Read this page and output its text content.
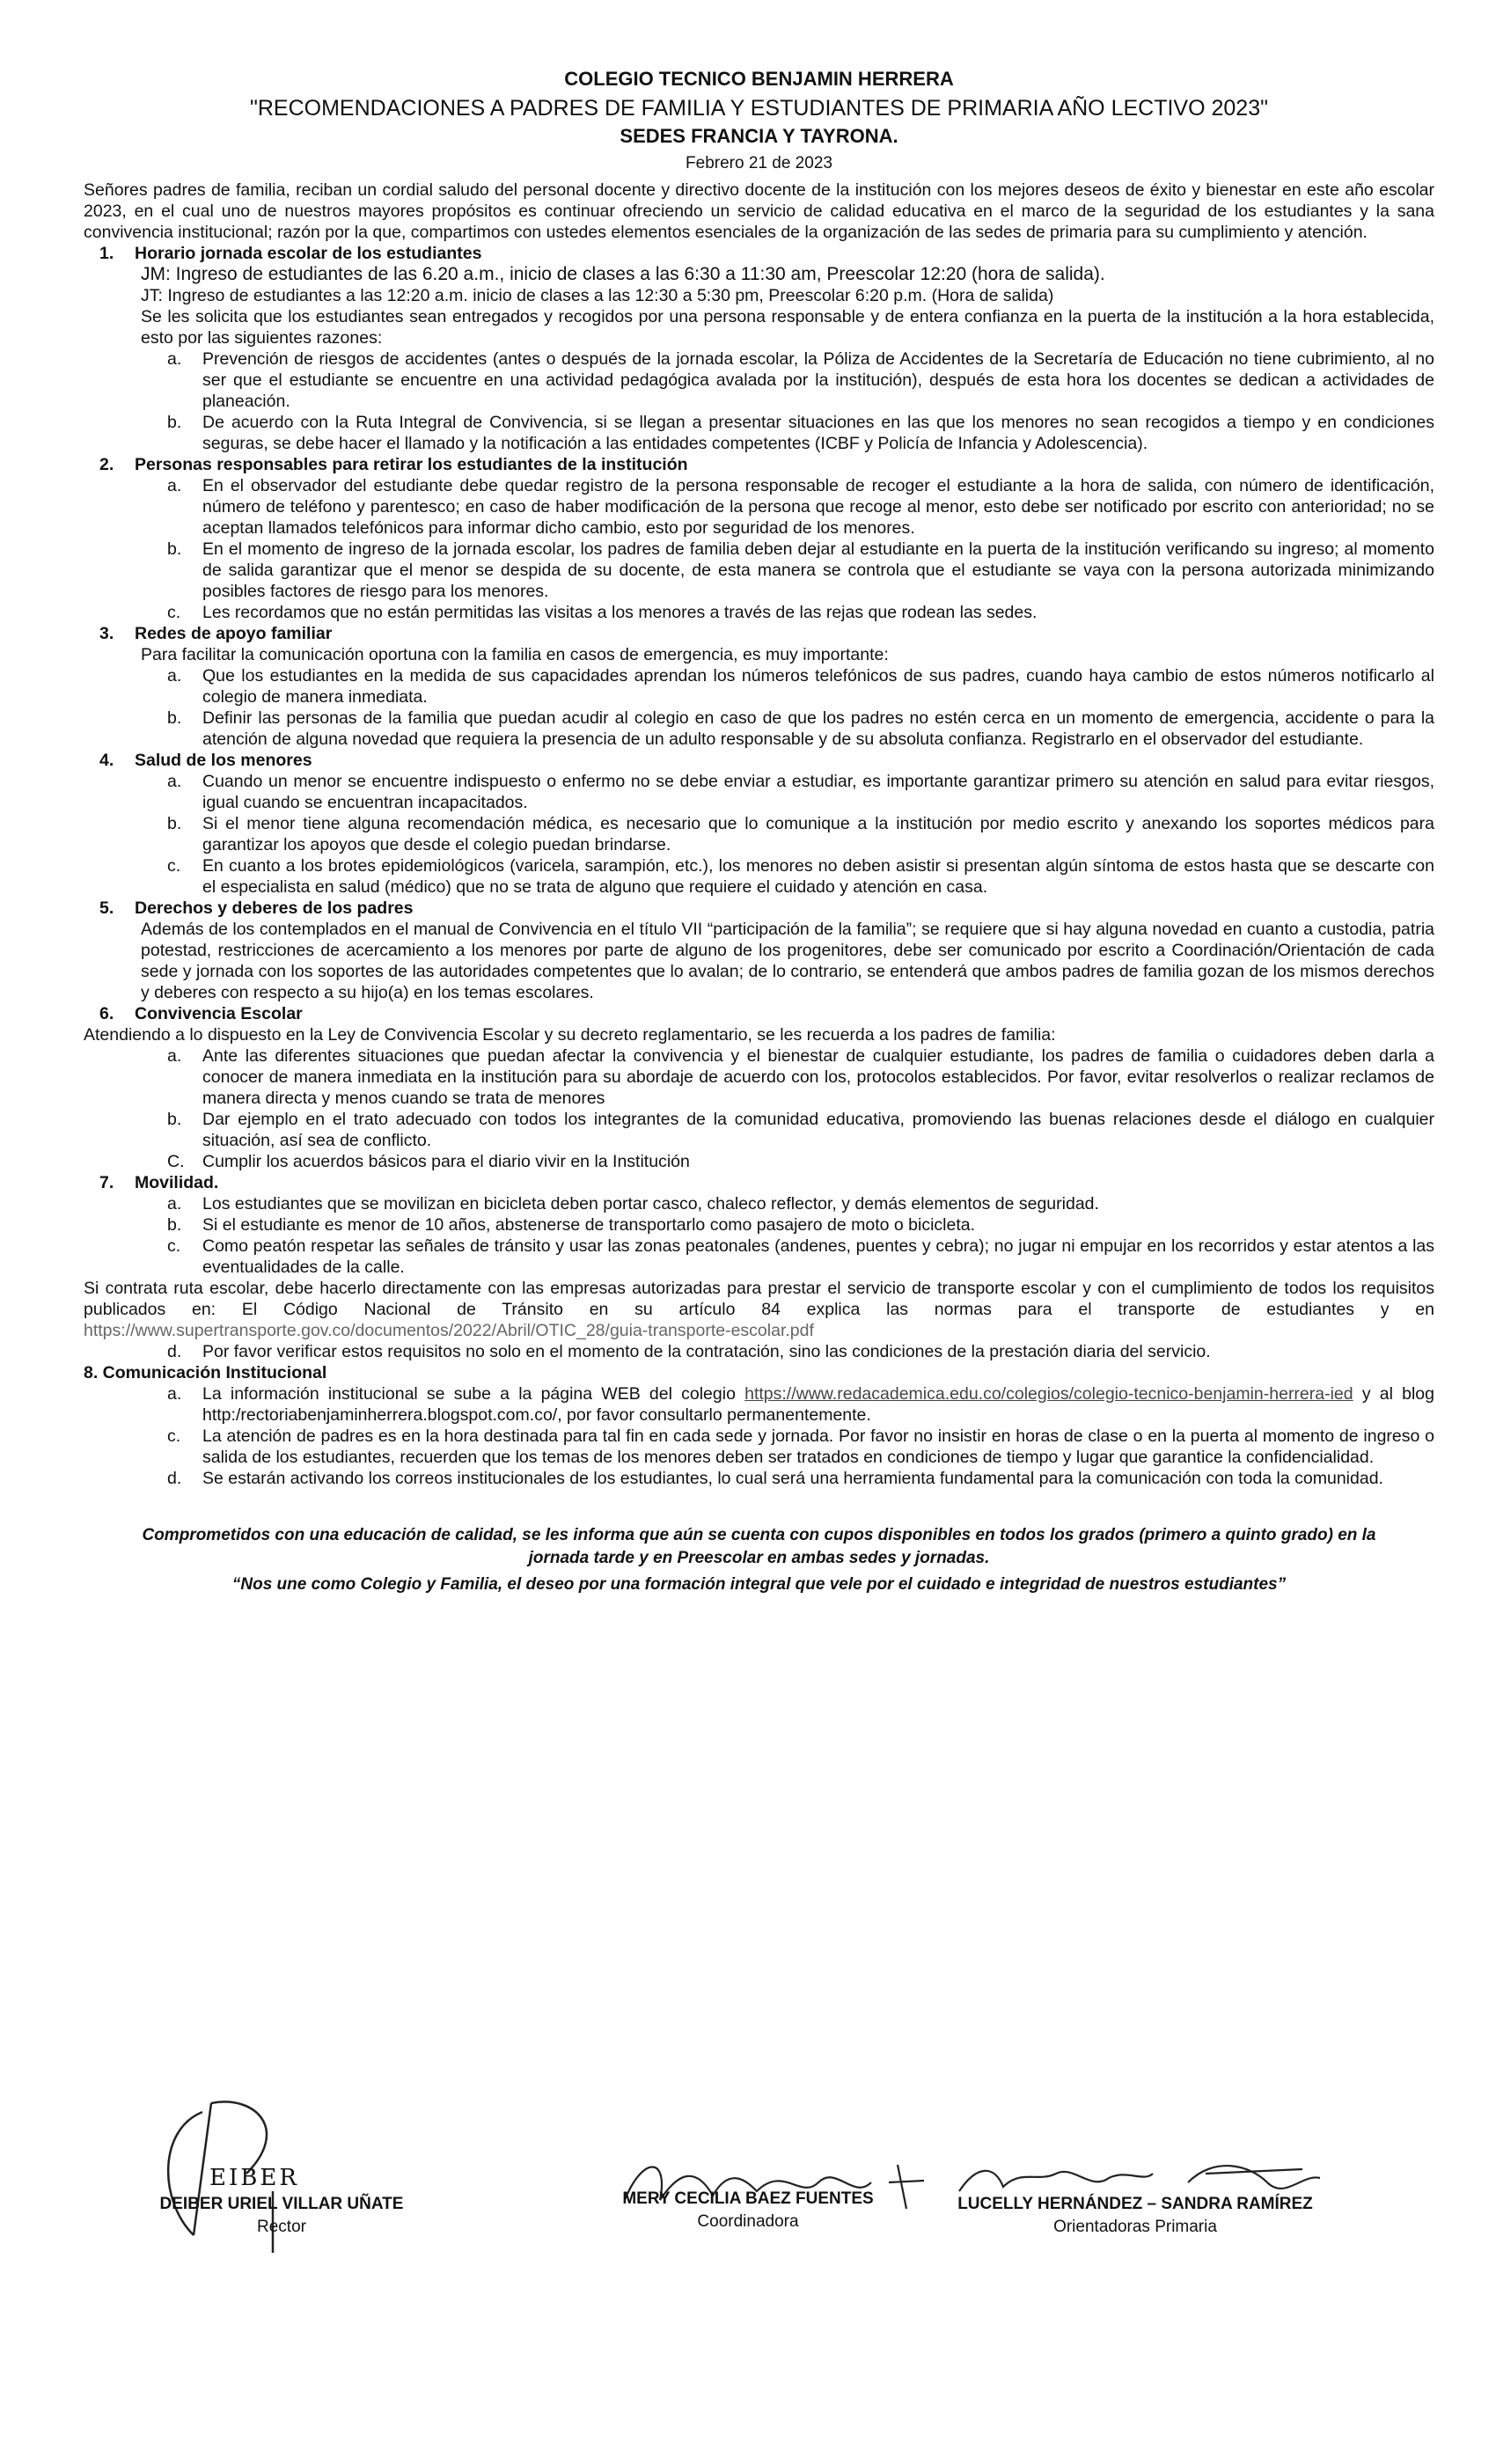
COLEGIO TECNICO BENJAMIN HERRERA
"RECOMENDACIONES A PADRES DE FAMILIA Y ESTUDIANTES DE PRIMARIA AÑO LECTIVO 2023"
SEDES FRANCIA Y TAYRONA.
Febrero 21 de 2023
Señores padres de familia, reciban un cordial saludo del personal docente y directivo docente de la institución con los mejores deseos de éxito y bienestar en este año escolar 2023, en el cual uno de nuestros mayores propósitos es continuar ofreciendo un servicio de calidad educativa en el marco de la seguridad de los estudiantes y la sana convivencia institucional; razón por la que, compartimos con ustedes elementos esenciales de la organización de las sedes de primaria para su cumplimiento y atención.
1.	Horario jornada escolar de los estudiantes
JM: Ingreso de estudiantes de las 6.20 a.m., inicio de clases a las 6:30 a 11:30 am, Preescolar 12:20 (hora de salida).
JT: Ingreso de estudiantes a las 12:20 a.m. inicio de clases a las 12:30 a 5:30 pm, Preescolar 6:20 p.m. (Hora de salida)
Se les solicita que los estudiantes sean entregados y recogidos por una persona responsable y de entera confianza en la puerta de la institución a la hora establecida, esto por las siguientes razones:
a.	Prevención de riesgos de accidentes (antes o después de la jornada escolar, la Póliza de Accidentes de la Secretaría de Educación no tiene cubrimiento, al no ser que el estudiante se encuentre en una actividad pedagógica avalada por la institución), después de esta hora los docentes se dedican a actividades de planeación.
b.	De acuerdo con la Ruta Integral de Convivencia, si se llegan a presentar situaciones en las que los menores no sean recogidos a tiempo y en condiciones seguras, se debe hacer el llamado y la notificación a las entidades competentes (ICBF y Policía de Infancia y Adolescencia).
2.	Personas responsables para retirar los estudiantes de la institución
a.	En el observador del estudiante debe quedar registro de la persona responsable de recoger el estudiante a la hora de salida, con número de identificación, número de teléfono y parentesco; en caso de haber modificación de la persona que recoge al menor, esto debe ser notificado por escrito con anterioridad; no se aceptan llamados telefónicos para informar dicho cambio, esto por seguridad de los menores.
b.	En el momento de ingreso de la jornada escolar, los padres de familia deben dejar al estudiante en la puerta de la institución verificando su ingreso; al momento de salida garantizar que el menor se despida de su docente, de esta manera se controla que el estudiante se vaya con la persona autorizada minimizando posibles factores de riesgo para los menores.
c.	Les recordamos que no están permitidas las visitas a los menores a través de las rejas que rodean las sedes.
3.	Redes de apoyo familiar
Para facilitar la comunicación oportuna con la familia en casos de emergencia, es muy importante:
a.	Que los estudiantes en la medida de sus capacidades aprendan los números telefónicos de sus padres, cuando haya cambio de estos números notificarlo al colegio de manera inmediata.
b.	Definir las personas de la familia que puedan acudir al colegio en caso de que los padres no estén cerca en un momento de emergencia, accidente o para la atención de alguna novedad que requiera la presencia de un adulto responsable y de su absoluta confianza. Registrarlo en el observador del estudiante.
4.	Salud de los menores
a.	Cuando un menor se encuentre indispuesto o enfermo no se debe enviar a estudiar, es importante garantizar primero su atención en salud para evitar riesgos, igual cuando se encuentran incapacitados.
b.	Si el menor tiene alguna recomendación médica, es necesario que lo comunique a la institución por medio escrito y anexando los soportes médicos para garantizar los apoyos que desde el colegio puedan brindarse.
c.	En cuanto a los brotes epidemiológicos (varicela, sarampión, etc.), los menores no deben asistir si presentan algún síntoma de estos hasta que se descarte con el especialista en salud (médico) que no se trata de alguno que requiere el cuidado y atención en casa.
5.	Derechos y deberes de los padres
Además de los contemplados en el manual de Convivencia en el título VII “participación de la familia”; se requiere que si hay alguna novedad en cuanto a custodia, patria potestad, restricciones de acercamiento a los menores por parte de alguno de los progenitores, debe ser comunicado por escrito a Coordinación/Orientación de cada sede y jornada con los soportes de las autoridades competentes que lo avalan; de lo contrario, se entenderá que ambos padres de familia gozan de los mismos derechos y deberes con respecto a su hijo(a) en los temas escolares.
6.	Convivencia Escolar
Atendiendo a lo dispuesto en la Ley de Convivencia Escolar y su decreto reglamentario, se les recuerda a los padres de familia:
a.	Ante las diferentes situaciones que puedan afectar la convivencia y el bienestar de cualquier estudiante, los padres de familia o cuidadores deben darla a conocer de manera inmediata en la institución para su abordaje de acuerdo con los, protocolos establecidos. Por favor, evitar resolverlos o realizar reclamos de manera directa y menos cuando se trata de menores
b.	Dar ejemplo en el trato adecuado con todos los integrantes de la comunidad educativa, promoviendo las buenas relaciones desde el diálogo en cualquier situación, así sea de conflicto.
C.	Cumplir los acuerdos básicos para el diario vivir en la Institución
7.	Movilidad.
a.	Los estudiantes que se movilizan en bicicleta deben portar casco, chaleco reflector, y demás elementos de seguridad.
b.	Si el estudiante es menor de 10 años, abstenerse de transportarlo como pasajero de moto o bicicleta.
c.	Como peatón respetar las señales de tránsito y usar las zonas peatonales (andenes, puentes y cebra); no jugar ni empujar en los recorridos y estar atentos a las eventualidades de la calle.
Si contrata ruta escolar, debe hacerlo directamente con las empresas autorizadas para prestar el servicio de transporte escolar y con el cumplimiento de todos los requisitos publicados en: El Código Nacional de Tránsito en su artículo 84 explica las normas para el transporte de estudiantes y en https://www.supertransporte.gov.co/documentos/2022/Abril/OTIC_28/guia-transporte-escolar.pdf
d.	Por favor verificar estos requisitos no solo en el momento de la contratación, sino las condiciones de la prestación diaria del servicio.
8. Comunicación Institucional
a.	La información institucional se sube a la página WEB del colegio https://www.redacademica.edu.co/colegios/colegio-tecnico-benjamin-herrera-ied y al blog http:/rectoriabenjaminherrera.blogspot.com.co/, por favor consultarlo permanentemente.
c.	La atención de padres es en la hora destinada para tal fin en cada sede y jornada. Por favor no insistir en horas de clase o en la puerta al momento de ingreso o salida de los estudiantes, recuerden que los temas de los menores deben ser tratados en condiciones de tiempo y lugar que garantice la confidencialidad.
d.	Se estarán activando los correos institucionales de los estudiantes, lo cual será una herramienta fundamental para la comunicación con toda la comunidad.
Comprometidos con una educación de calidad, se les informa que aún se cuenta con cupos disponibles en todos los grados (primero a quinto grado) en la jornada tarde y en Preescolar en ambas sedes y jornadas.
“Nos une como Colegio y Familia, el deseo por una formación integral que vele por el cuidado e integridad de nuestros estudiantes”
EIBER
DEIBER URIEL VILLAR UÑATE
Rector
MERY CECILIA BAEZ FUENTES
Coordinadora
LUCELLY HERNÁNDEZ – SANDRA RAMÍREZ
Orientadoras Primaria
